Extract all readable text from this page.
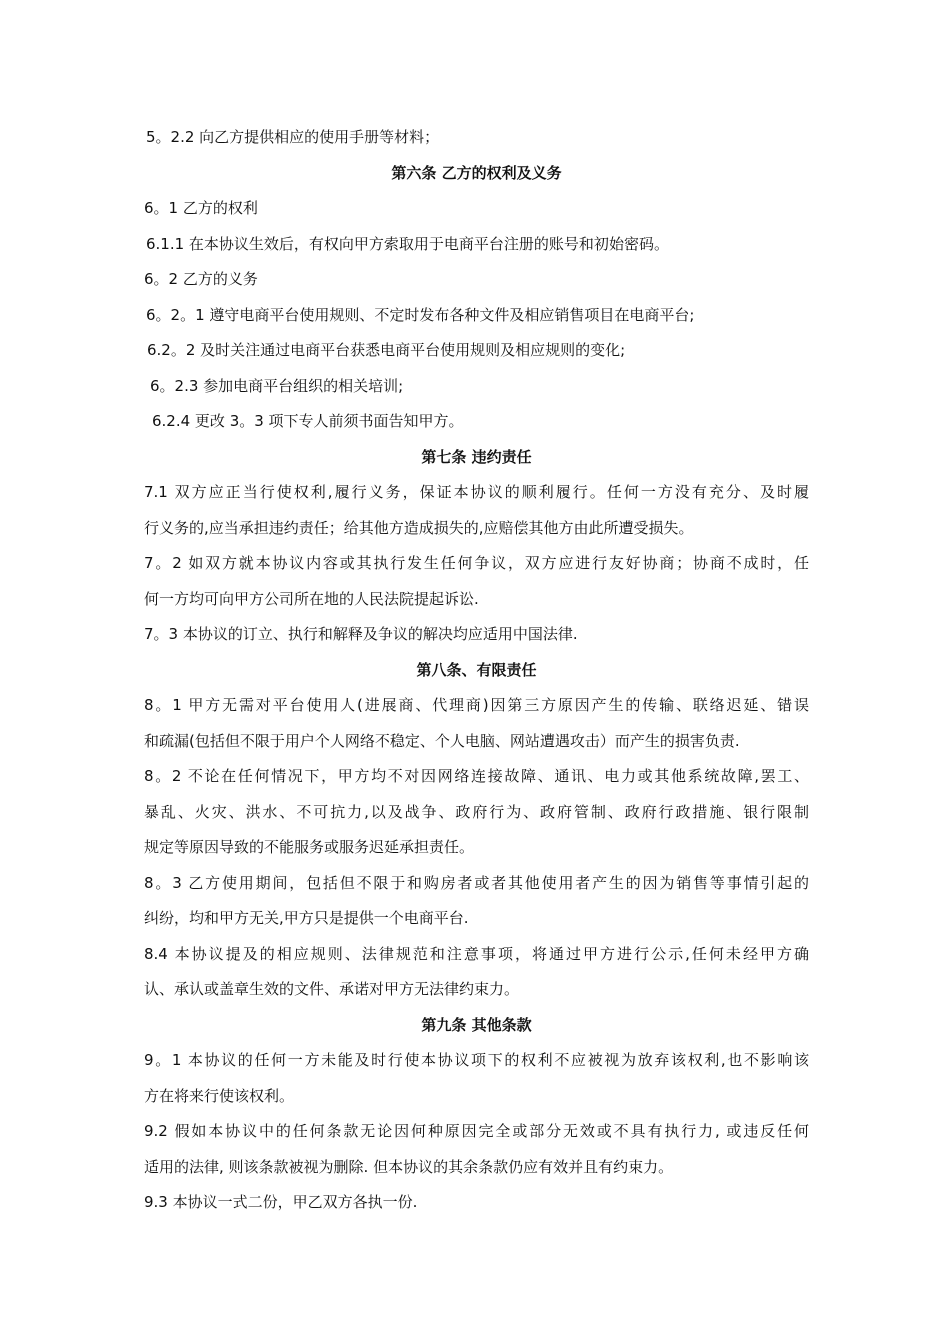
5。2.2 向乙方提供相应的使用手册等材料；
第六条 乙方的权利及义务
6。1 乙方的权利
6.1.1 在本协议生效后，有权向甲方索取用于电商平台注册的账号和初始密码。
6。2 乙方的义务
6。2。1 遵守电商平台使用规则、不定时发布各种文件及相应销售项目在电商平台;
6.2。2 及时关注通过电商平台获悉电商平台使用规则及相应规则的变化;
6。2.3 参加电商平台组织的相关培训;
6.2.4 更改 3。3 项下专人前须书面告知甲方。
第七条 违约责任
7.1 双方应正当行使权利,履行义务，保证本协议的顺利履行。任何一方没有充分、及时履
行义务的,应当承担违约责任；给其他方造成损失的,应赔偿其他方由此所遭受损失。
7。2 如双方就本协议内容或其执行发生任何争议，双方应进行友好协商；协商不成时，任
何一方均可向甲方公司所在地的人民法院提起诉讼.
7。3 本协议的订立、执行和解释及争议的解决均应适用中国法律.
第八条、有限责任
8。1 甲方无需对平台使用人(进展商、代理商)因第三方原因产生的传输、联络迟延、错误
和疏漏(包括但不限于用户个人网络不稳定、个人电脑、网站遭遇攻击）而产生的损害负责.
8。2 不论在任何情况下，甲方均不对因网络连接故障、通讯、电力或其他系统故障,罢工、
暴乱、火灾、洪水、不可抗力,以及战争、政府行为、政府管制、政府行政措施、银行限制
规定等原因导致的不能服务或服务迟延承担责任。
8。3 乙方使用期间，包括但不限于和购房者或者其他使用者产生的因为销售等事情引起的
纠纷，均和甲方无关,甲方只是提供一个电商平台.
8.4 本协议提及的相应规则、法律规范和注意事项，将通过甲方进行公示,任何未经甲方确
认、承认或盖章生效的文件、承诺对甲方无法律约束力。
第九条 其他条款
9。1 本协议的任何一方未能及时行使本协议项下的权利不应被视为放弃该权利,也不影响该
方在将来行使该权利。
9.2 假如本协议中的任何条款无论因何种原因完全或部分无效或不具有执行力, 或违反任何
适用的法律, 则该条款被视为删除. 但本协议的其余条款仍应有效并且有约束力。
9.3 本协议一式二份，甲乙双方各执一份.
